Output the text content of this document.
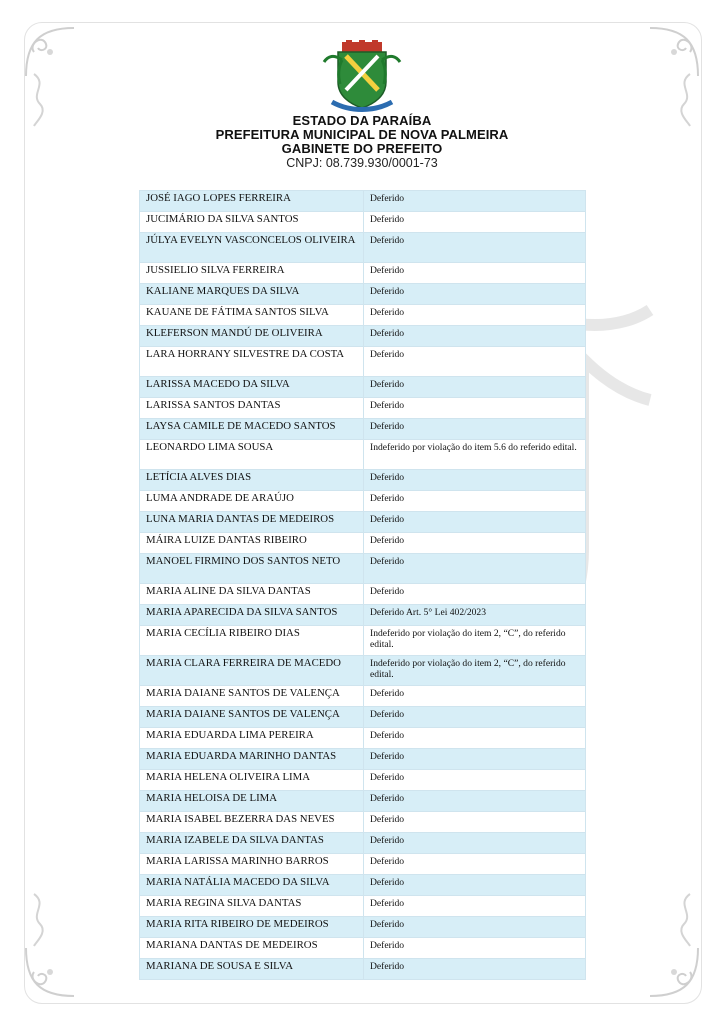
ESTADO DA PARAÍBA
PREFEITURA MUNICIPAL DE NOVA PALMEIRA
GABINETE DO PREFEITO
CNPJ: 08.739.930/0001-73
JOSÉ IAGO LOPES FERREIRA	Deferido
JUCIMÁRIO DA SILVA SANTOS	Deferido
JÚLYA EVELYN VASCONCELOS OLIVEIRA	Deferido
JUSSIELIO SILVA FERREIRA	Deferido
KALIANE MARQUES DA SILVA	Deferido
KAUANE DE FÁTIMA SANTOS SILVA	Deferido
KLEFERSON MANDÚ DE OLIVEIRA	Deferido
LARA HORRANY SILVESTRE DA COSTA	Deferido
LARISSA MACEDO DA SILVA	Deferido
LARISSA SANTOS DANTAS	Deferido
LAYSA CAMILE DE MACEDO SANTOS	Deferido
LEONARDO LIMA SOUSA	Indeferido por violação do item 5.6 do referido edital.
LETÍCIA ALVES DIAS	Deferido
LUMA ANDRADE DE ARAÚJO	Deferido
LUNA MARIA DANTAS DE MEDEIROS	Deferido
MÁIRA LUIZE DANTAS RIBEIRO	Deferido
MANOEL FIRMINO DOS SANTOS NETO	Deferido
MARIA ALINE DA SILVA DANTAS	Deferido
MARIA APARECIDA DA SILVA SANTOS	Deferido Art. 5° Lei 402/2023
MARIA CECÍLIA RIBEIRO DIAS	Indeferido por violação do item 2, “C”, do referido edital.
MARIA CLARA FERREIRA DE MACEDO	Indeferido por violação do item 2, “C”, do referido edital.
MARIA DAIANE SANTOS DE VALENÇA	Deferido
MARIA DAIANE SANTOS DE VALENÇA	Deferido
MARIA EDUARDA LIMA PEREIRA	Deferido
MARIA EDUARDA MARINHO DANTAS	Deferido
MARIA HELENA OLIVEIRA LIMA	Deferido
MARIA HELOISA DE LIMA	Deferido
MARIA ISABEL BEZERRA DAS NEVES	Deferido
MARIA IZABELE DA SILVA DANTAS	Deferido
MARIA LARISSA MARINHO BARROS	Deferido
MARIA NATÁLIA MACEDO DA SILVA	Deferido
MARIA REGINA SILVA DANTAS	Deferido
MARIA RITA RIBEIRO DE MEDEIROS	Deferido
MARIANA DANTAS DE MEDEIROS	Deferido
MARIANA DE SOUSA E SILVA	Deferido
